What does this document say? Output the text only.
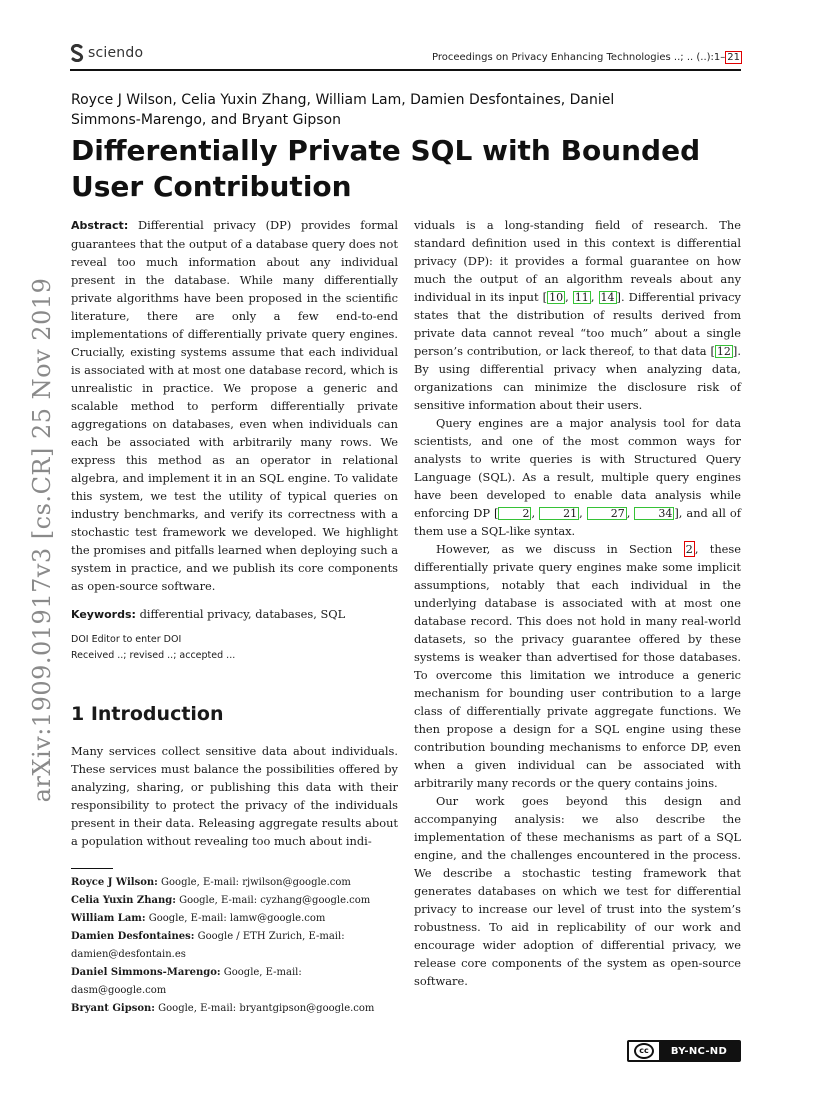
sciendo	Proceedings on Privacy Enhancing Technologies ..; .. (..):1– 21
arXiv:1909.01917v3 [cs.CR] 25 Nov 2019
Royce J Wilson, Celia Yuxin Zhang, William Lam, Damien Desfontaines, Daniel Simmons-Marengo, and Bryant Gipson
Differentially Private SQL with Bounded User Contribution

Abstract: Differential privacy (DP) provides formal guarantees that the output of a database query does not reveal too much information about any individual present in the database. While many differentially private algorithms have been proposed in the scientific literature, there are only a few end-to-end implementations of differentially private query engines. Crucially, existing systems assume that each individual is associated with at most one database record, which is unrealistic in practice. We propose a generic and scalable method to perform differentially private aggregations on databases, even when individuals can each be associated with arbitrarily many rows. We express this method as an operator in relational algebra, and implement it in an SQL engine. To validate this system, we test the utility of typical queries on industry benchmarks, and verify its correctness with a stochastic test framework we developed. We highlight the promises and pitfalls learned when deploying such a system in practice, and we publish its core components as open-source software.

Keywords: differential privacy, databases, SQL

DOI Editor to enter DOI

Received ..; revised ..; accepted ...

1 Introduction

Many services collect sensitive data about individuals. These services must balance the possibilities offered by analyzing, sharing, or publishing this data with their responsibility to protect the privacy of the individuals present in their data. Releasing aggregate results about a population without revealing too much about indi-

viduals is a long-standing field of research. The standard definition used in this context is differential privacy (DP): it provides a formal guarantee on how much the output of an algorithm reveals about any individual in its input [ 10 , 11 , 14 ]. Differential privacy states that the distribution of results derived from private data cannot reveal “too much” about a single person’s contribution, or lack thereof, to that data [ 12 ]. By using differential privacy when analyzing data, organizations can minimize the disclosure risk of sensitive information about their users.

Query engines are a major analysis tool for data scientists, and one of the most common ways for analysts to write queries is with Structured Query Language (SQL). As a result, multiple query engines have been developed to enable data analysis while enforcing DP [ 2 , 21 , 27 , 34 ], and all of them use a SQL-like syntax.

However, as we discuss in Section 2 , these differentially private query engines make some implicit assumptions, notably that each individual in the underlying database is associated with at most one database record. This does not hold in many real-world datasets, so the privacy guarantee offered by these systems is weaker than advertised for those databases. To overcome this limitation we introduce a generic mechanism for bounding user contribution to a large class of differentially private aggregate functions. We then propose a design for a SQL engine using these contribution bounding mechanisms to enforce DP, even when a given individual can be associated with arbitrarily many records or the query contains joins.

Our work goes beyond this design and accompanying analysis: we also describe the implementation of these mechanisms as part of a SQL engine, and the challenges encountered in the process. We describe a stochastic testing framework that generates databases on which we test for differential privacy to increase our level of trust into the system’s robustness. To aid in replicability of our work and encourage wider adoption of differential privacy, we release core components of the system as open-source software.

Royce J Wilson: Google, E-mail: rjwilson@google.com
Celia Yuxin Zhang: Google, E-mail: cyzhang@google.com
William Lam: Google, E-mail: lamw@google.com
Damien Desfontaines: Google / ETH Zurich, E-mail: damien@desfontain.es
Daniel Simmons-Marengo: Google, E-mail: dasm@google.com
Bryant Gipson: Google, E-mail: bryantgipson@google.com
cc	BY-NC-ND
